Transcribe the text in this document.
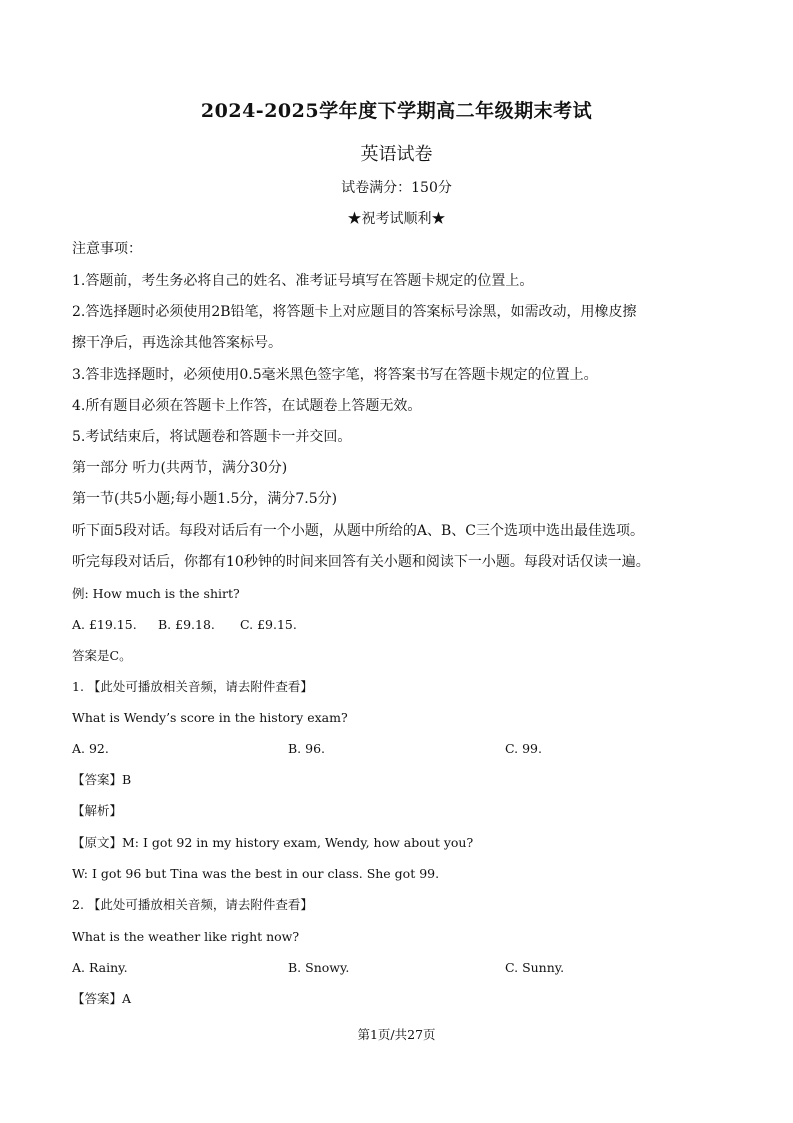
2024-2025学年度下学期高二年级期末考试
英语试卷
试卷满分：150分
★祝考试顺利★
注意事项：
1.答题前，考生务必将自己的姓名、准考证号填写在答题卡规定的位置上。
2.答选择题时必须使用2B铅笔，将答题卡上对应题目的答案标号涂黑，如需改动，用橡皮擦
擦干净后，再选涂其他答案标号。
3.答非选择题时，必须使用0.5毫米黑色签字笔，将答案书写在答题卡规定的位置上。
4.所有题目必须在答题卡上作答，在试题卷上答题无效。
5.考试结束后，将试题卷和答题卡一并交回。
第一部分 听力(共两节，满分30分)
第一节(共5小题;每小题1.5分，满分7.5分)
听下面5段对话。每段对话后有一个小题，从题中所给的A、B、C三个选项中选出最佳选项。
听完每段对话后，你都有10秒钟的时间来回答有关小题和阅读下一小题。每段对话仅读一遍。
例: How much is the shirt?
A. £19.15. B. £9.18. C. £9.15.
答案是C。
1. 【此处可播放相关音频，请去附件查看】
What is Wendy’s score in the history exam?
A. 92.	B. 96.	C. 99.
【答案】B
【解析】
【原文】M: I got 92 in my history exam, Wendy, how about you?
W: I got 96 but Tina was the best in our class. She got 99.
2. 【此处可播放相关音频，请去附件查看】
What is the weather like right now?
A. Rainy.	B. Snowy.	C. Sunny.
【答案】A
第1页/共27页
